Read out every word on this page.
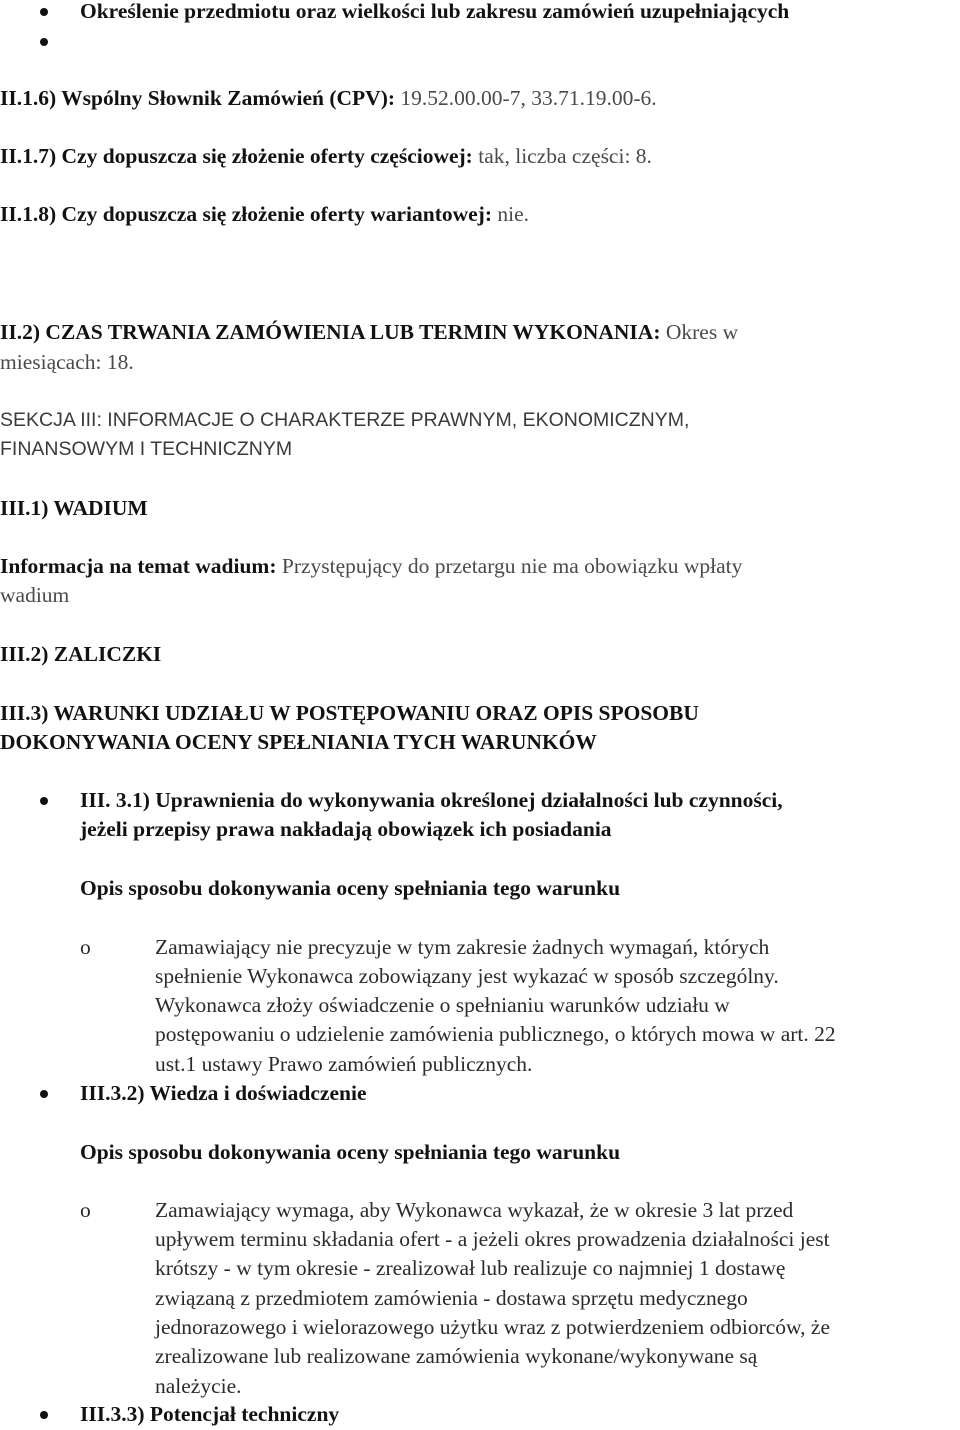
Określenie przedmiotu oraz wielkości lub zakresu zamówień uzupełniających

II.1.6) Wspólny Słownik Zamówień (CPV): 19.52.00.00-7, 33.71.19.00-6.

II.1.7) Czy dopuszcza się złożenie oferty częściowej: tak, liczba części: 8.

II.1.8) Czy dopuszcza się złożenie oferty wariantowej: nie.

II.2) CZAS TRWANIA ZAMÓWIENIA LUB TERMIN WYKONANIA: Okres w

miesiącach: 18.

SEKCJA III: INFORMACJE O CHARAKTERZE PRAWNYM, EKONOMICZNYM,

FINANSOWYM I TECHNICZNYM

III.1) WADIUM

Informacja na temat wadium: Przystępujący do przetargu nie ma obowiązku wpłaty

wadium

III.2) ZALICZKI

III.3) WARUNKI UDZIAŁU W POSTĘPOWANIU ORAZ OPIS SPOSOBU

DOKONYWANIA OCENY SPEŁNIANIA TYCH WARUNKÓW

III. 3.1) Uprawnienia do wykonywania określonej działalności lub czynności,

jeżeli przepisy prawa nakładają obowiązek ich posiadania

Opis sposobu dokonywania oceny spełniania tego warunku

o	Zamawiający nie precyzuje w tym zakresie żadnych wymagań, których

spełnienie Wykonawca zobowiązany jest wykazać w sposób szczególny.

Wykonawca złoży oświadczenie o spełnianiu warunków udziału w

postępowaniu o udzielenie zamówienia publicznego, o których mowa w art. 22

ust.1 ustawy Prawo zamówień publicznych.

III.3.2) Wiedza i doświadczenie

Opis sposobu dokonywania oceny spełniania tego warunku

o	Zamawiający wymaga, aby Wykonawca wykazał, że w okresie 3 lat przed

upływem terminu składania ofert - a jeżeli okres prowadzenia działalności jest

krótszy - w tym okresie - zrealizował lub realizuje co najmniej 1 dostawę

związaną z przedmiotem zamówienia - dostawa sprzętu medycznego

jednorazowego i wielorazowego użytku wraz z potwierdzeniem odbiorców, że

zrealizowane lub realizowane zamówienia wykonane/wykonywane są

należycie.

III.3.3) Potencjał techniczny
